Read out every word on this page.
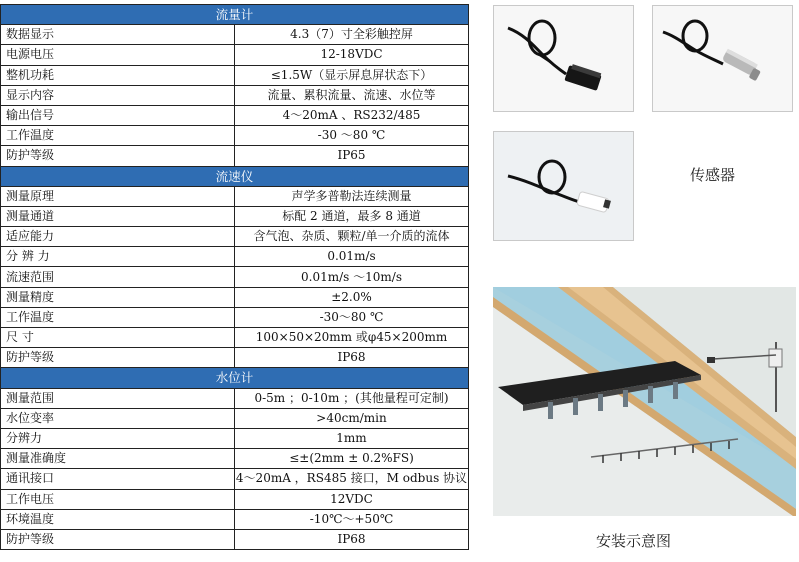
流量计	
数据显示	4.3（7）寸全彩触控屏
电源电压	12-18VDC
整机功耗	≤1.5W（显示屏息屏状态下）
显示内容	流量、累积流量、流速、水位等
输出信号	4～20mA 、RS232/485
工作温度	-30 ～80 ℃
防护等级	IP65
流速仪	
测量原理	声学多普勒法连续测量
测量通道	标配 2 通道，最多 8 通道
适应能力	含气泡、杂质、颗粒/单一介质的流体
分 辨 力	0.01m/s
流速范围	0.01m/s ～10m/s
测量精度	±2.0%
工作温度	-30～80 ℃
尺 寸	100×50×20mm 或φ45×200mm
防护等级	IP68
水位计	
测量范围	0-5m ；0-10m ；(其他量程可定制)
水位变率	>40cm/min
分辨力	1mm
测量准确度	≤±(2mm ± 0.2%FS)
通讯接口	4～20mA ，RS485 接口，M odbus 协议
工作电压	12VDC
环境温度	-10℃～+50℃
防护等级	IP68
传感器
安装示意图
